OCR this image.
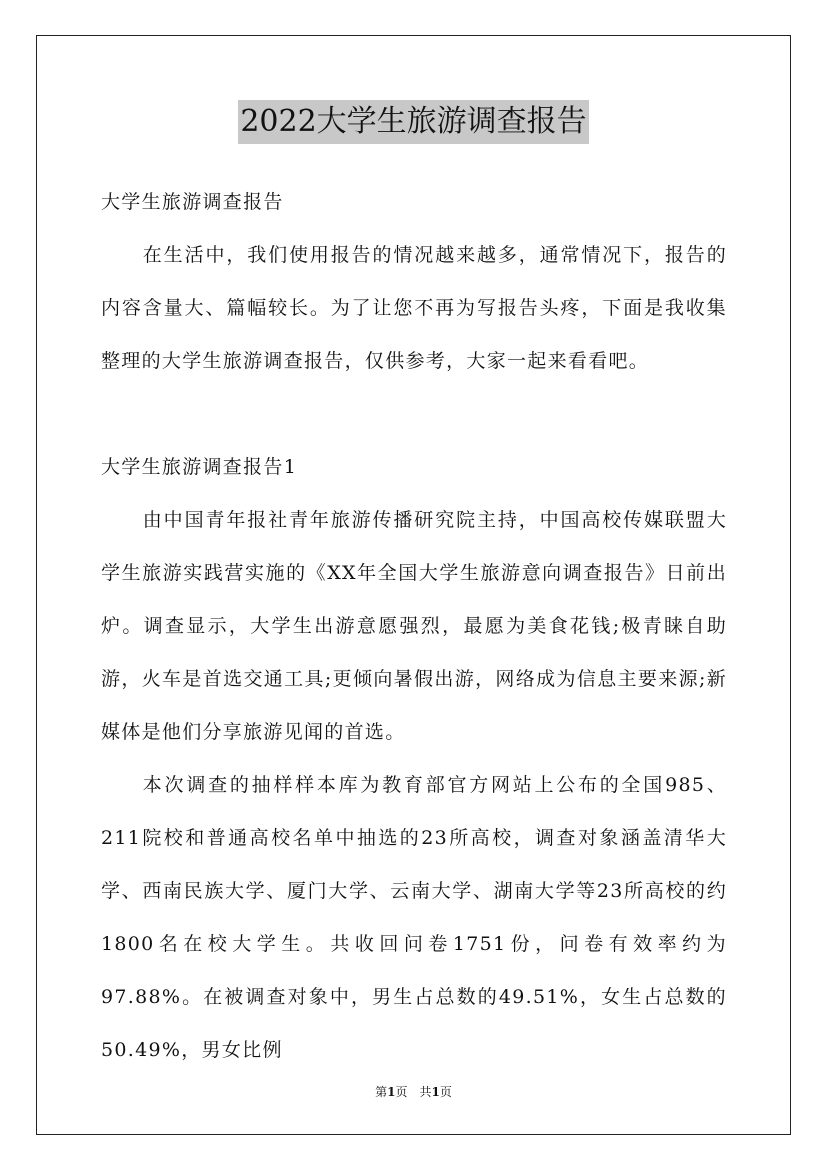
2022大学生旅游调查报告

大学生旅游调查报告

在生活中，我们使用报告的情况越来越多，通常情况下，报告的内容含量大、篇幅较长。为了让您不再为写报告头疼，下面是我收集整理的大学生旅游调查报告，仅供参考，大家一起来看看吧。

大学生旅游调查报告1

由中国青年报社青年旅游传播研究院主持，中国高校传媒联盟大学生旅游实践营实施的《XX年全国大学生旅游意向调查报告》日前出炉。调查显示，大学生出游意愿强烈，最愿为美食花钱;极青睐自助游，火车是首选交通工具;更倾向暑假出游，网络成为信息主要来源;新媒体是他们分享旅游见闻的首选。

本次调查的抽样样本库为教育部官方网站上公布的全国985、211院校和普通高校名单中抽选的23所高校，调查对象涵盖清华大学、西南民族大学、厦门大学、云南大学、湖南大学等23所高校的约1800名在校大学生。共收回问卷1751份，问卷有效率约为97.88%。在被调查对象中，男生占总数的49.51%，女生占总数的50.49%，男女比例

第1页　共1页
